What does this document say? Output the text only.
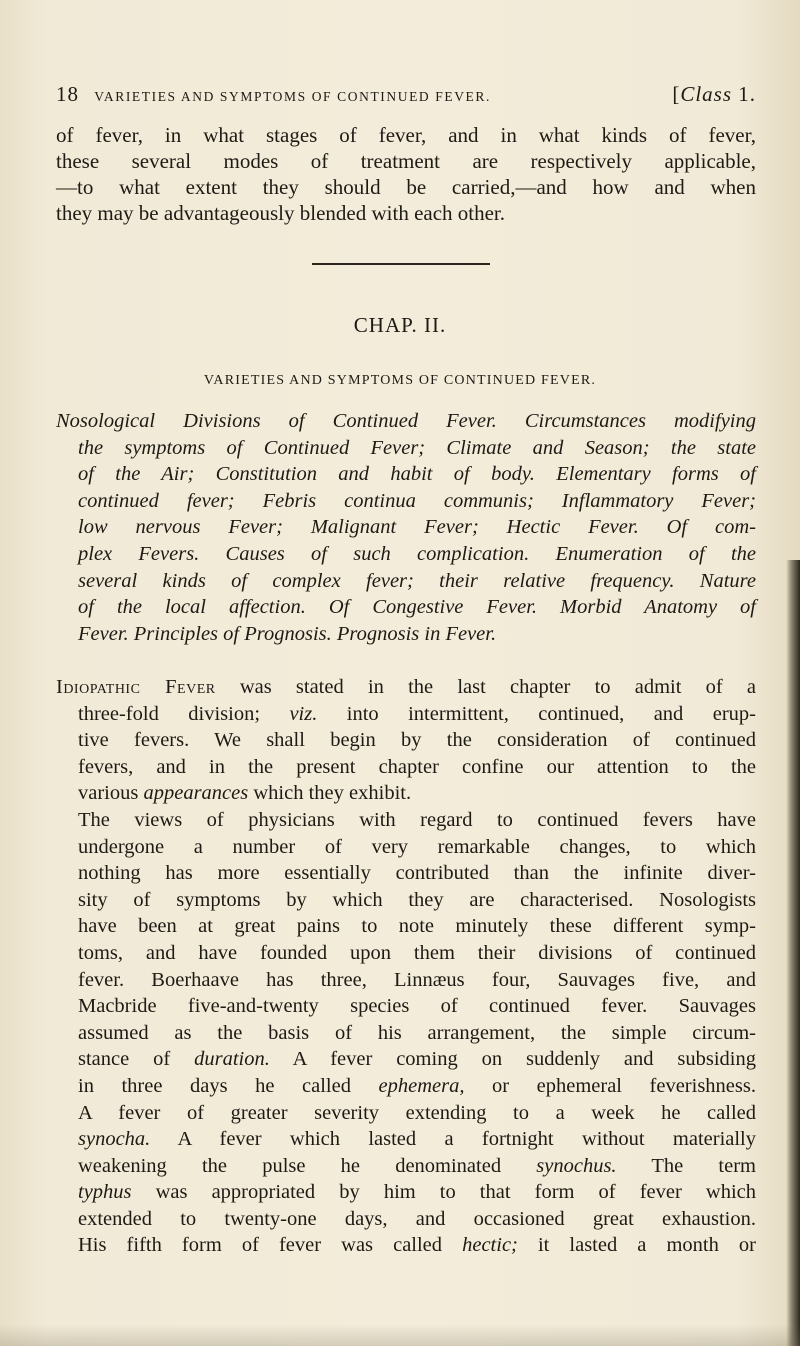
18 VARIETIES AND SYMPTOMS OF CONTINUED FEVER.	[Class 1.
of fever, in what stages of fever, and in what kinds of fever,
these several modes of treatment are respectively applicable,
—to what extent they should be carried,—and how and when
they may be advantageously blended with each other.
CHAP. II.
VARIETIES AND SYMPTOMS OF CONTINUED FEVER.
Nosological Divisions of Continued Fever. Circumstances modifying
the symptoms of Continued Fever; Climate and Season; the state
of the Air; Constitution and habit of body. Elementary forms of
continued fever; Febris continua communis; Inflammatory Fever;
low nervous Fever; Malignant Fever; Hectic Fever. Of com-
plex Fevers. Causes of such complication. Enumeration of the
several kinds of complex fever; their relative frequency. Nature
of the local affection. Of Congestive Fever. Morbid Anatomy of
Fever. Principles of Prognosis. Prognosis in Fever.
Idiopathic Fever was stated in the last chapter to admit of a
three-fold division; viz. into intermittent, continued, and erup-
tive fevers. We shall begin by the consideration of continued
fevers, and in the present chapter confine our attention to the
various appearances which they exhibit.
The views of physicians with regard to continued fevers have
undergone a number of very remarkable changes, to which
nothing has more essentially contributed than the infinite diver-
sity of symptoms by which they are characterised. Nosologists
have been at great pains to note minutely these different symp-
toms, and have founded upon them their divisions of continued
fever. Boerhaave has three, Linnæus four, Sauvages five, and
Macbride five-and-twenty species of continued fever. Sauvages
assumed as the basis of his arrangement, the simple circum-
stance of duration. A fever coming on suddenly and subsiding
in three days he called ephemera, or ephemeral feverishness.
A fever of greater severity extending to a week he called
synocha. A fever which lasted a fortnight without materially
weakening the pulse he denominated synochus. The term
typhus was appropriated by him to that form of fever which
extended to twenty-one days, and occasioned great exhaustion.
His fifth form of fever was called hectic; it lasted a month or
